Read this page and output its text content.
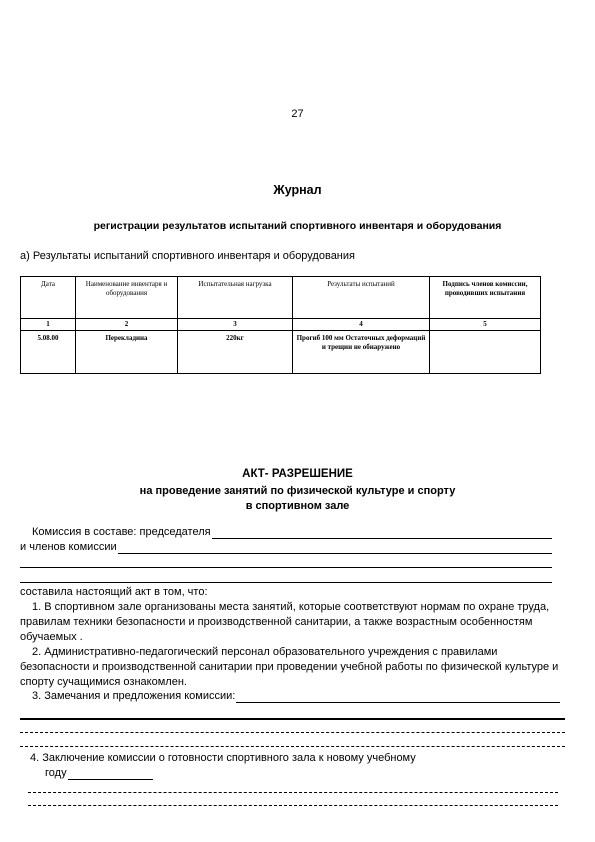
27
Журнал
регистрации результатов испытаний спортивного инвентаря и оборудования
а) Результаты испытаний спортивного инвентаря и оборудования
Дата	Наименование инвентаря и оборудования	Испытательная нагрузка	Результаты испытаний	Подпись членов комиссии, проводивших испытания
1	2	3	4	5
5.08.00	Перекладина	220кг	Прогиб 100 мм Остаточных деформаций и трещин не обнаружено	
АКТ- РАЗРЕШЕНИЕ
на проведение занятий по физической культуре и спорту
в спортивном зале
Комиссия в составе: председателя
и членов комиссии
составила настоящий акт в том, что:
1. В спортивном зале организованы места занятий, которые соответствуют нормам по охране труда, правилам техники безопасности и производственной санитарии, а также возрастным особенностям обучаемых .
2. Административно-педагогический персонал образовательного учреждения с правилами безопасности и производственной санитарии при проведении учебной работы по физической культуре и спорту сучащимися ознакомлен.
3. Замечания и предложения комиссии:
4. Заключение комиссии о готовности спортивного зала к новому учебному
году
